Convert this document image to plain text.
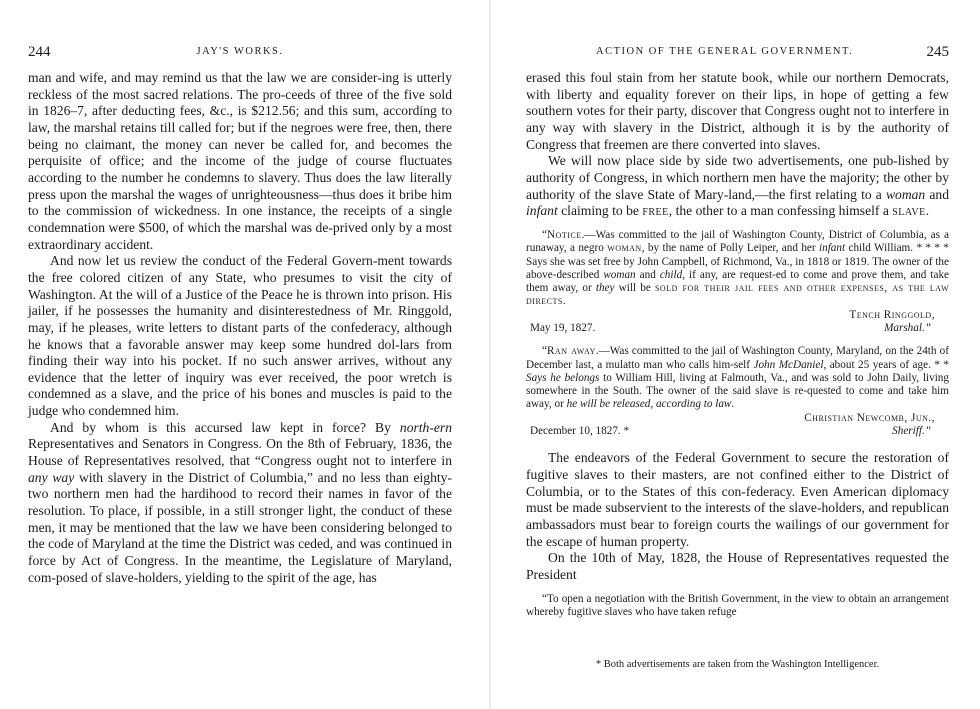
244	JAY'S WORKS.

man and wife, and may remind us that the law we are consider-ing is utterly reckless of the most sacred relations. The pro-ceeds of three of the five sold in 1826–7, after deducting fees, &c., is $212.56; and this sum, according to law, the marshal retains till called for; but if the negroes were free, then, there being no claimant, the money can never be called for, and becomes the perquisite of office; and the income of the judge of course fluctuates according to the number he condemns to slavery. Thus does the law literally press upon the marshal the wages of unrighteousness—thus does it bribe him to the commission of wickedness. In one instance, the receipts of a single condemnation were $500, of which the marshal was de-prived only by a most extraordinary accident.

And now let us review the conduct of the Federal Govern-ment towards the free colored citizen of any State, who presumes to visit the city of Washington. At the will of a Justice of the Peace he is thrown into prison. His jailer, if he possesses the humanity and disinterestedness of Mr. Ringgold, may, if he pleases, write letters to distant parts of the confederacy, although he knows that a favorable answer may keep some hundred dol-lars from finding their way into his pocket. If no such answer arrives, without any evidence that the letter of inquiry was ever received, the poor wretch is condemned as a slave, and the price of his bones and muscles is paid to the judge who condemned him.

And by whom is this accursed law kept in force? By north-ern Representatives and Senators in Congress. On the 8th of February, 1836, the House of Representatives resolved, that “Congress ought not to interfere in any way with slavery in the District of Columbia,” and no less than eighty-two northern men had the hardihood to record their names in favor of the resolution. To place, if possible, in a still stronger light, the conduct of these men, it may be mentioned that the law we have been considering belonged to the code of Maryland at the time the District was ceded, and was continued in force by Act of Congress. In the meantime, the Legislature of Maryland, com-posed of slave-holders, yielding to the spirit of the age, has

ACTION OF THE GENERAL GOVERNMENT.	245

erased this foul stain from her statute book, while our northern Democrats, with liberty and equality forever on their lips, in hope of getting a few southern votes for their party, discover that Congress ought not to interfere in any way with slavery in the District, although it is by the authority of Congress that freemen are there converted into slaves.

We will now place side by side two advertisements, one pub-lished by authority of Congress, in which northern men have the majority; the other by authority of the slave State of Mary-land,—the first relating to a woman and infant claiming to be free, the other to a man confessing himself a slave.

“Notice.—Was committed to the jail of Washington County, District of Columbia, as a runaway, a negro woman, by the name of Polly Leiper, and her infant child William. * * * * Says she was set free by John Campbell, of Richmond, Va., in 1818 or 1819. The owner of the above-described woman and child, if any, are request-ed to come and prove them, and take them away, or they will be sold for their jail fees and other expenses, as the law directs.

Tench Ringgold,

May 19, 1827.	Marshal.”

“Ran away.—Was committed to the jail of Washington County, Maryland, on the 24th of December last, a mulatto man who calls him-self John McDaniel, about 25 years of age. * * Says he belongs to William Hill, living at Falmouth, Va., and was sold to John Daily, living somewhere in the South. The owner of the said slave is re-quested to come and take him away, or he will be released, according to law.

Christian Newcomb, Jun.,

December 10, 1827. *	Sheriff.”

The endeavors of the Federal Government to secure the restoration of fugitive slaves to their masters, are not confined either to the District of Columbia, or to the States of this con-federacy. Even American diplomacy must be made subservient to the interests of the slave-holders, and republican ambassadors must bear to foreign courts the wailings of our government for the escape of human property.

On the 10th of May, 1828, the House of Representatives requested the President

“To open a negotiation with the British Government, in the view to obtain an arrangement whereby fugitive slaves who have taken refuge

* Both advertisements are taken from the Washington Intelligencer.
